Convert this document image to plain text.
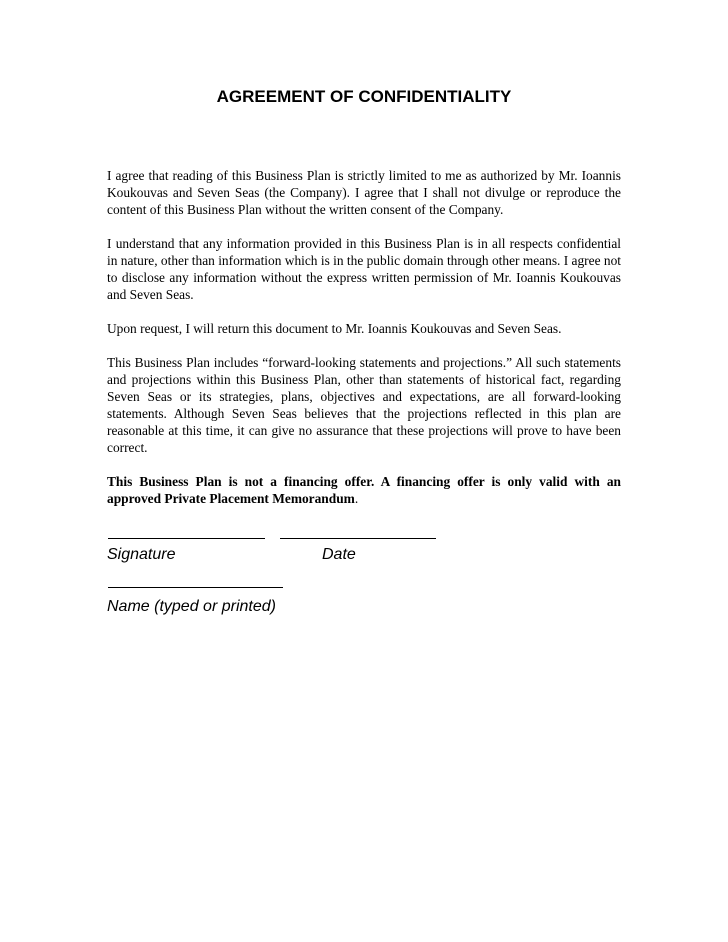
AGREEMENT OF CONFIDENTIALITY

I agree that reading of this Business Plan is strictly limited to me as authorized by Mr. Ioannis Koukouvas and Seven Seas (the Company). I agree that I shall not divulge or reproduce the content of this Business Plan without the written consent of the Company.

I understand that any information provided in this Business Plan is in all respects confidential in nature, other than information which is in the public domain through other means. I agree not to disclose any information without the express written permission of Mr. Ioannis Koukouvas and Seven Seas.

Upon request, I will return this document to Mr. Ioannis Koukouvas and Seven Seas.

This Business Plan includes “forward-looking statements and projections.” All such statements and projections within this Business Plan, other than statements of historical fact, regarding Seven Seas or its strategies, plans, objectives and expectations, are all forward-looking statements. Although Seven Seas believes that the projections reflected in this plan are reasonable at this time, it can give no assurance that these projections will prove to have been correct.

This Business Plan is not a financing offer. A financing offer is only valid with an approved Private Placement Memorandum.

Signature	Date
Name (typed or printed)
